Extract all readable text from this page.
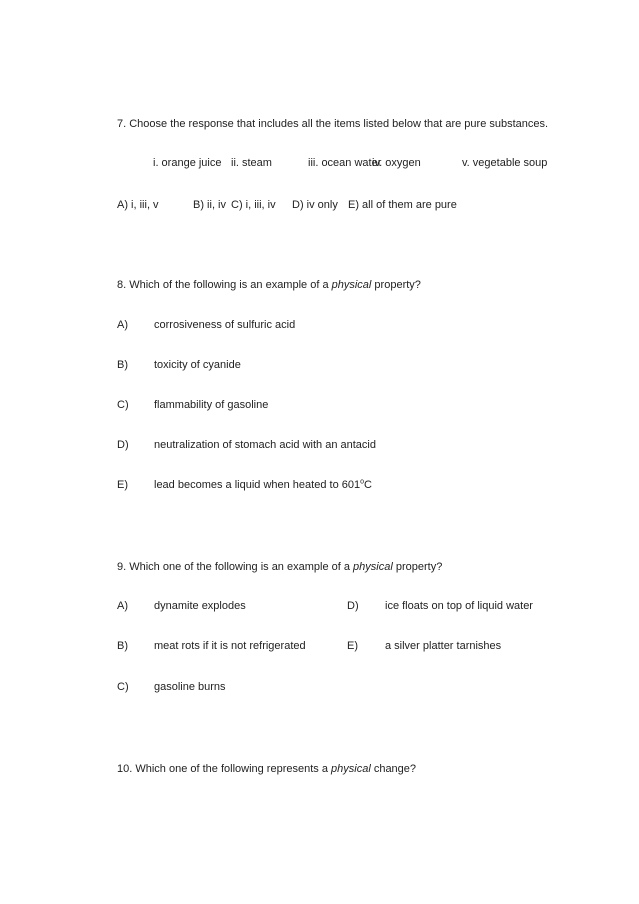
7. Choose the response that includes all the items listed below that are pure substances.
i. orange juice ii. steam	iii. ocean water
iv. oxygen	v. vegetable soup
A) i, iii, v	B) ii, iv C) i, iii, iv D) iv only E) all of them are pure
8. Which of the following is an example of a physical property?
A) corrosiveness of sulfuric acid
B) toxicity of cyanide
C) flammability of gasoline
D) neutralization of stomach acid with an antacid
E) lead becomes a liquid when heated to 601$^o$C
9. Which one of the following is an example of a physical property?
A) dynamite explodes	D) ice floats on top of liquid water
B) meat rots if it is not refrigerated	E) a silver platter tarnishes
C) gasoline burns
10. Which one of the following represents a physical change?
